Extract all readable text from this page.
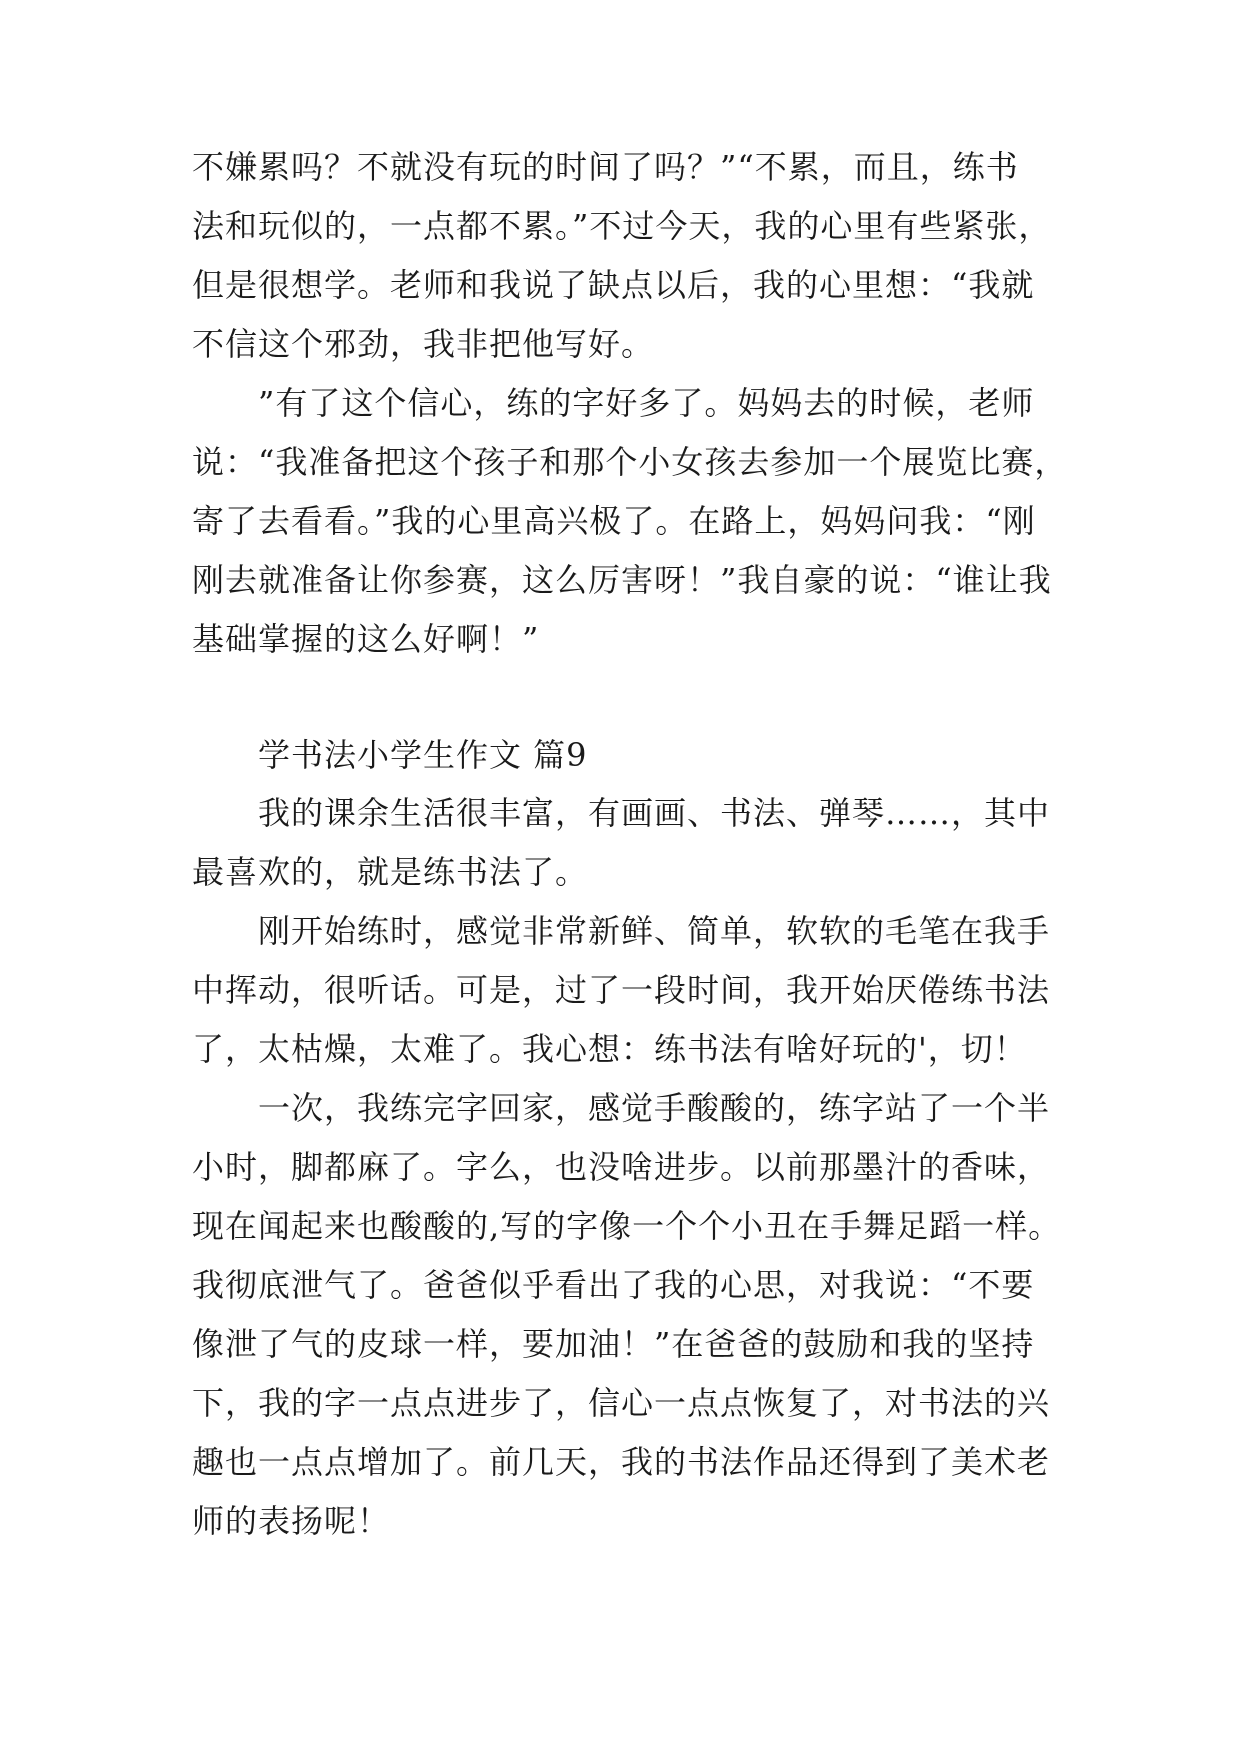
不嫌累吗？不就没有玩的时间了吗？”“不累，而且，练书
法和玩似的，一点都不累。”不过今天，我的心里有些紧张，
但是很想学。老师和我说了缺点以后，我的心里想：“我就
不信这个邪劲，我非把他写好。
”有了这个信心，练的字好多了。妈妈去的时候，老师
说：“我准备把这个孩子和那个小女孩去参加一个展览比赛，
寄了去看看。”我的心里高兴极了。在路上，妈妈问我：“刚
刚去就准备让你参赛，这么厉害呀！”我自豪的说：“谁让我
基础掌握的这么好啊！”
学书法小学生作文 篇9
我的课余生活很丰富，有画画、书法、弹琴……，其中
最喜欢的，就是练书法了。
刚开始练时，感觉非常新鲜、简单，软软的毛笔在我手
中挥动，很听话。可是，过了一段时间，我开始厌倦练书法
了，太枯燥，太难了。我心想：练书法有啥好玩的'，切！
一次，我练完字回家，感觉手酸酸的，练字站了一个半
小时，脚都麻了。字么，也没啥进步。以前那墨汁的香味，
现在闻起来也酸酸的,写的字像一个个小丑在手舞足蹈一样。
我彻底泄气了。爸爸似乎看出了我的心思，对我说：“不要
像泄了气的皮球一样，要加油！”在爸爸的鼓励和我的坚持
下，我的字一点点进步了，信心一点点恢复了，对书法的兴
趣也一点点增加了。前几天，我的书法作品还得到了美术老
师的表扬呢！
